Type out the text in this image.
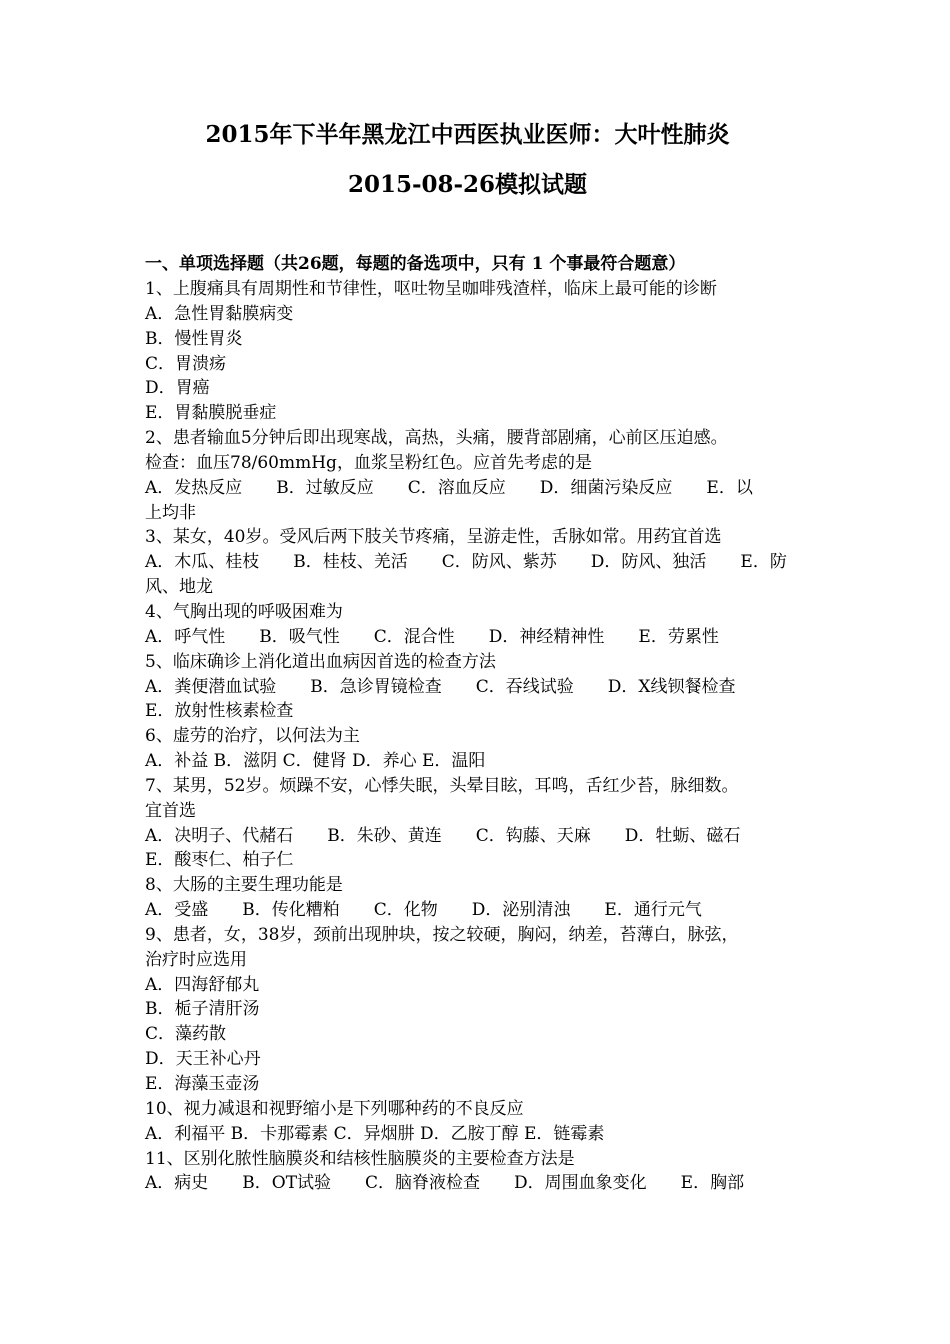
2015年下半年黑龙江中西医执业医师：大叶性肺炎
2015-08-26模拟试题
一、单项选择题（共26题，每题的备选项中，只有 1 个事最符合题意）
1、上腹痛具有周期性和节律性，呕吐物呈咖啡残渣样，临床上最可能的诊断
A．急性胃黏膜病变
B．慢性胃炎
C．胃溃疡
D．胃癌
E．胃黏膜脱垂症
2、患者输血5分钟后即出现寒战，高热，头痛，腰背部剧痛，心前区压迫感。
检查：血压78/60mmHg，血浆呈粉红色。应首先考虑的是
A．发热反应　　B．过敏反应　　C．溶血反应　　D．细菌污染反应　　E．以
上均非
3、某女，40岁。受风后两下肢关节疼痛，呈游走性，舌脉如常。用药宜首选
A．木瓜、桂枝　　B．桂枝、羌活　　C．防风、紫苏　　D．防风、独活　　E．防
风、地龙
4、气胸出现的呼吸困难为
A．呼气性　　B．吸气性　　C．混合性　　D．神经精神性　　E．劳累性
5、临床确诊上消化道出血病因首选的检查方法
A．粪便潜血试验　　B．急诊胃镜检查　　C．吞线试验　　D．X线钡餐检查
E．放射性核素检查
6、虚劳的治疗，以何法为主
A．补益 B．滋阴 C．健肾 D．养心 E．温阳
7、某男，52岁。烦躁不安，心悸失眠，头晕目眩，耳鸣，舌红少苔，脉细数。
宜首选
A．决明子、代赭石　　B．朱砂、黄连　　C．钩藤、天麻　　D．牡蛎、磁石
E．酸枣仁、柏子仁
8、大肠的主要生理功能是
A．受盛　　B．传化糟粕　　C．化物　　D．泌别清浊　　E．通行元气
9、患者，女，38岁，颈前出现肿块，按之较硬，胸闷，纳差，苔薄白，脉弦，
治疗时应选用
A．四海舒郁丸
B．栀子清肝汤
C．藻药散
D．天王补心丹
E．海藻玉壶汤
10、视力减退和视野缩小是下列哪种药的不良反应
A．利福平 B．卡那霉素 C．异烟肼 D．乙胺丁醇 E．链霉素
11、区别化脓性脑膜炎和结核性脑膜炎的主要检查方法是
A．病史　　B．OT试验　　C．脑脊液检查　　D．周围血象变化　　E．胸部
